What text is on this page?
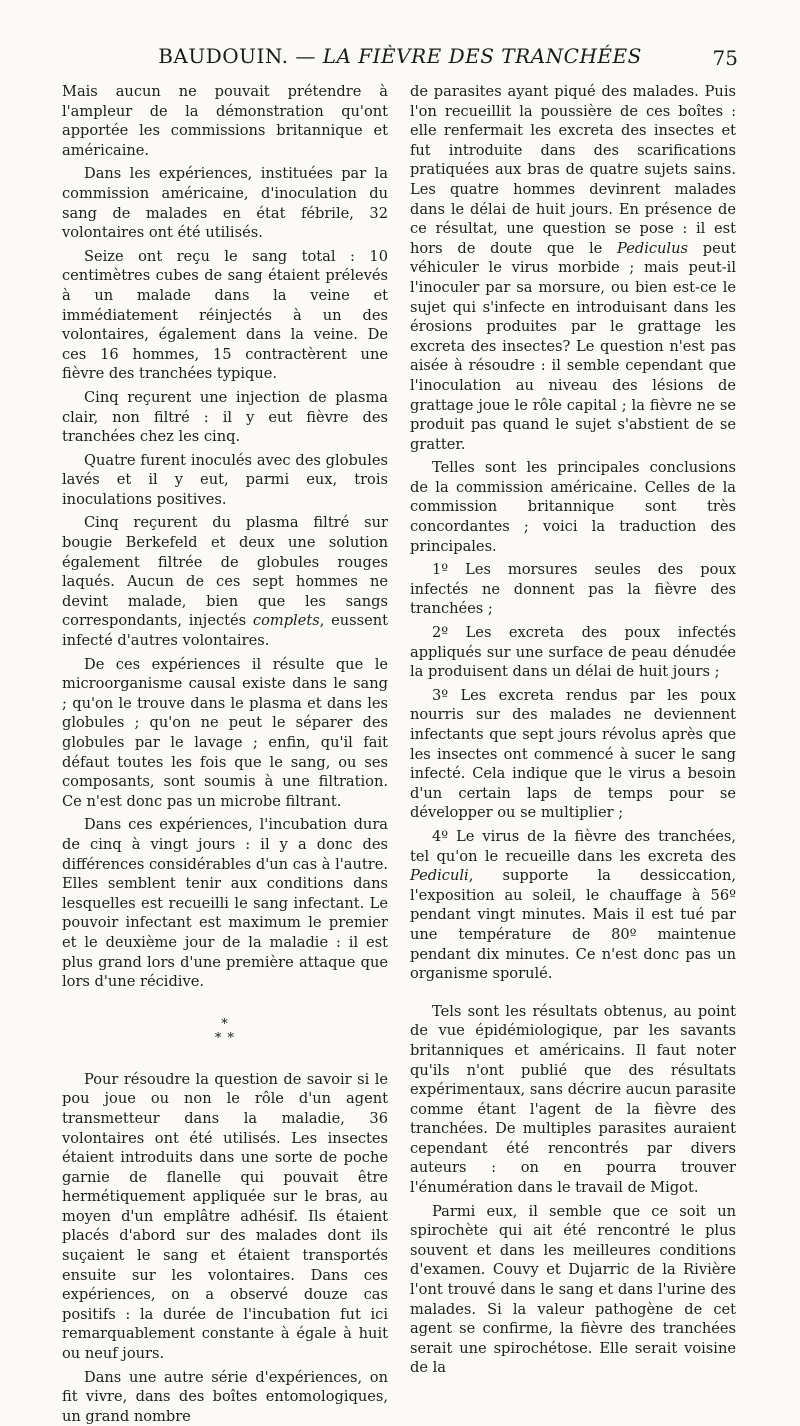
BAUDOUIN. — LA FIÈVRE DES TRANCHÉES	75

Mais aucun ne pouvait prétendre à l'ampleur de la démonstration qu'ont apportée les commissions britannique et américaine.

Dans les expériences, instituées par la commission américaine, d'inoculation du sang de malades en état fébrile, 32 volontaires ont été utilisés.

Seize ont reçu le sang total : 10 centimètres cubes de sang étaient prélevés à un malade dans la veine et immédiatement réinjectés à un des volontaires, également dans la veine. De ces 16 hommes, 15 contractèrent une fièvre des tranchées typique.

Cinq reçurent une injection de plasma clair, non filtré : il y eut fièvre des tranchées chez les cinq.

Quatre furent inoculés avec des globules lavés et il y eut, parmi eux, trois inoculations positives.

Cinq reçurent du plasma filtré sur bougie Berkefeld et deux une solution également filtrée de globules rouges laqués. Aucun de ces sept hommes ne devint malade, bien que les sangs correspondants, injectés complets, eussent infecté d'autres volontaires.

De ces expériences il résulte que le microorganisme causal existe dans le sang ; qu'on le trouve dans le plasma et dans les globules ; qu'on ne peut le séparer des globules par le lavage ; enfin, qu'il fait défaut toutes les fois que le sang, ou ses composants, sont soumis à une filtration. Ce n'est donc pas un microbe filtrant.

Dans ces expériences, l'incubation dura de cinq à vingt jours : il y a donc des différences considérables d'un cas à l'autre. Elles semblent tenir aux conditions dans lesquelles est recueilli le sang infectant. Le pouvoir infectant est maximum le premier et le deuxième jour de la maladie : il est plus grand lors d'une première attaque que lors d'une récidive.

*
* *

Pour résoudre la question de savoir si le pou joue ou non le rôle d'un agent transmetteur dans la maladie, 36 volontaires ont été utilisés. Les insectes étaient introduits dans une sorte de poche garnie de flanelle qui pouvait être hermétiquement appliquée sur le bras, au moyen d'un emplâtre adhésif. Ils étaient placés d'abord sur des malades dont ils suçaient le sang et étaient transportés ensuite sur les volontaires. Dans ces expériences, on a observé douze cas positifs : la durée de l'incubation fut ici remarquablement constante à égale à huit ou neuf jours.

Dans une autre série d'expériences, on fit vivre, dans des boîtes entomologiques, un grand nombre

de parasites ayant piqué des malades. Puis l'on recueillit la poussière de ces boîtes : elle renfermait les excreta des insectes et fut introduite dans des scarifications pratiquées aux bras de quatre sujets sains. Les quatre hommes devinrent malades dans le délai de huit jours. En présence de ce résultat, une question se pose : il est hors de doute que le Pediculus peut véhiculer le virus morbide ; mais peut-il l'inoculer par sa morsure, ou bien est-ce le sujet qui s'infecte en introduisant dans les érosions produites par le grattage les excreta des insectes? Le question n'est pas aisée à résoudre : il semble cependant que l'inoculation au niveau des lésions de grattage joue le rôle capital ; la fièvre ne se produit pas quand le sujet s'abstient de se gratter.

Telles sont les principales conclusions de la commission américaine. Celles de la commission britannique sont très concordantes ; voici la traduction des principales.

1º Les morsures seules des poux infectés ne donnent pas la fièvre des tranchées ;

2º Les excreta des poux infectés appliqués sur une surface de peau dénudée la produisent dans un délai de huit jours ;

3º Les excreta rendus par les poux nourris sur des malades ne deviennent infectants que sept jours révolus après que les insectes ont commencé à sucer le sang infecté. Cela indique que le virus a besoin d'un certain laps de temps pour se développer ou se multiplier ;

4º Le virus de la fièvre des tranchées, tel qu'on le recueille dans les excreta des Pediculi, supporte la dessiccation, l'exposition au soleil, le chauffage à 56º pendant vingt minutes. Mais il est tué par une température de 80º maintenue pendant dix minutes. Ce n'est donc pas un organisme sporulé.

Tels sont les résultats obtenus, au point de vue épidémiologique, par les savants britanniques et américains. Il faut noter qu'ils n'ont publié que des résultats expérimentaux, sans décrire aucun parasite comme étant l'agent de la fièvre des tranchées. De multiples parasites auraient cependant été rencontrés par divers auteurs : on en pourra trouver l'énumération dans le travail de Migot.

Parmi eux, il semble que ce soit un spirochète qui ait été rencontré le plus souvent et dans les meilleures conditions d'examen. Couvy et Dujarric de la Rivière l'ont trouvé dans le sang et dans l'urine des malades. Si la valeur pathogène de cet agent se confirme, la fièvre des tranchées serait une spirochétose. Elle serait voisine de la
